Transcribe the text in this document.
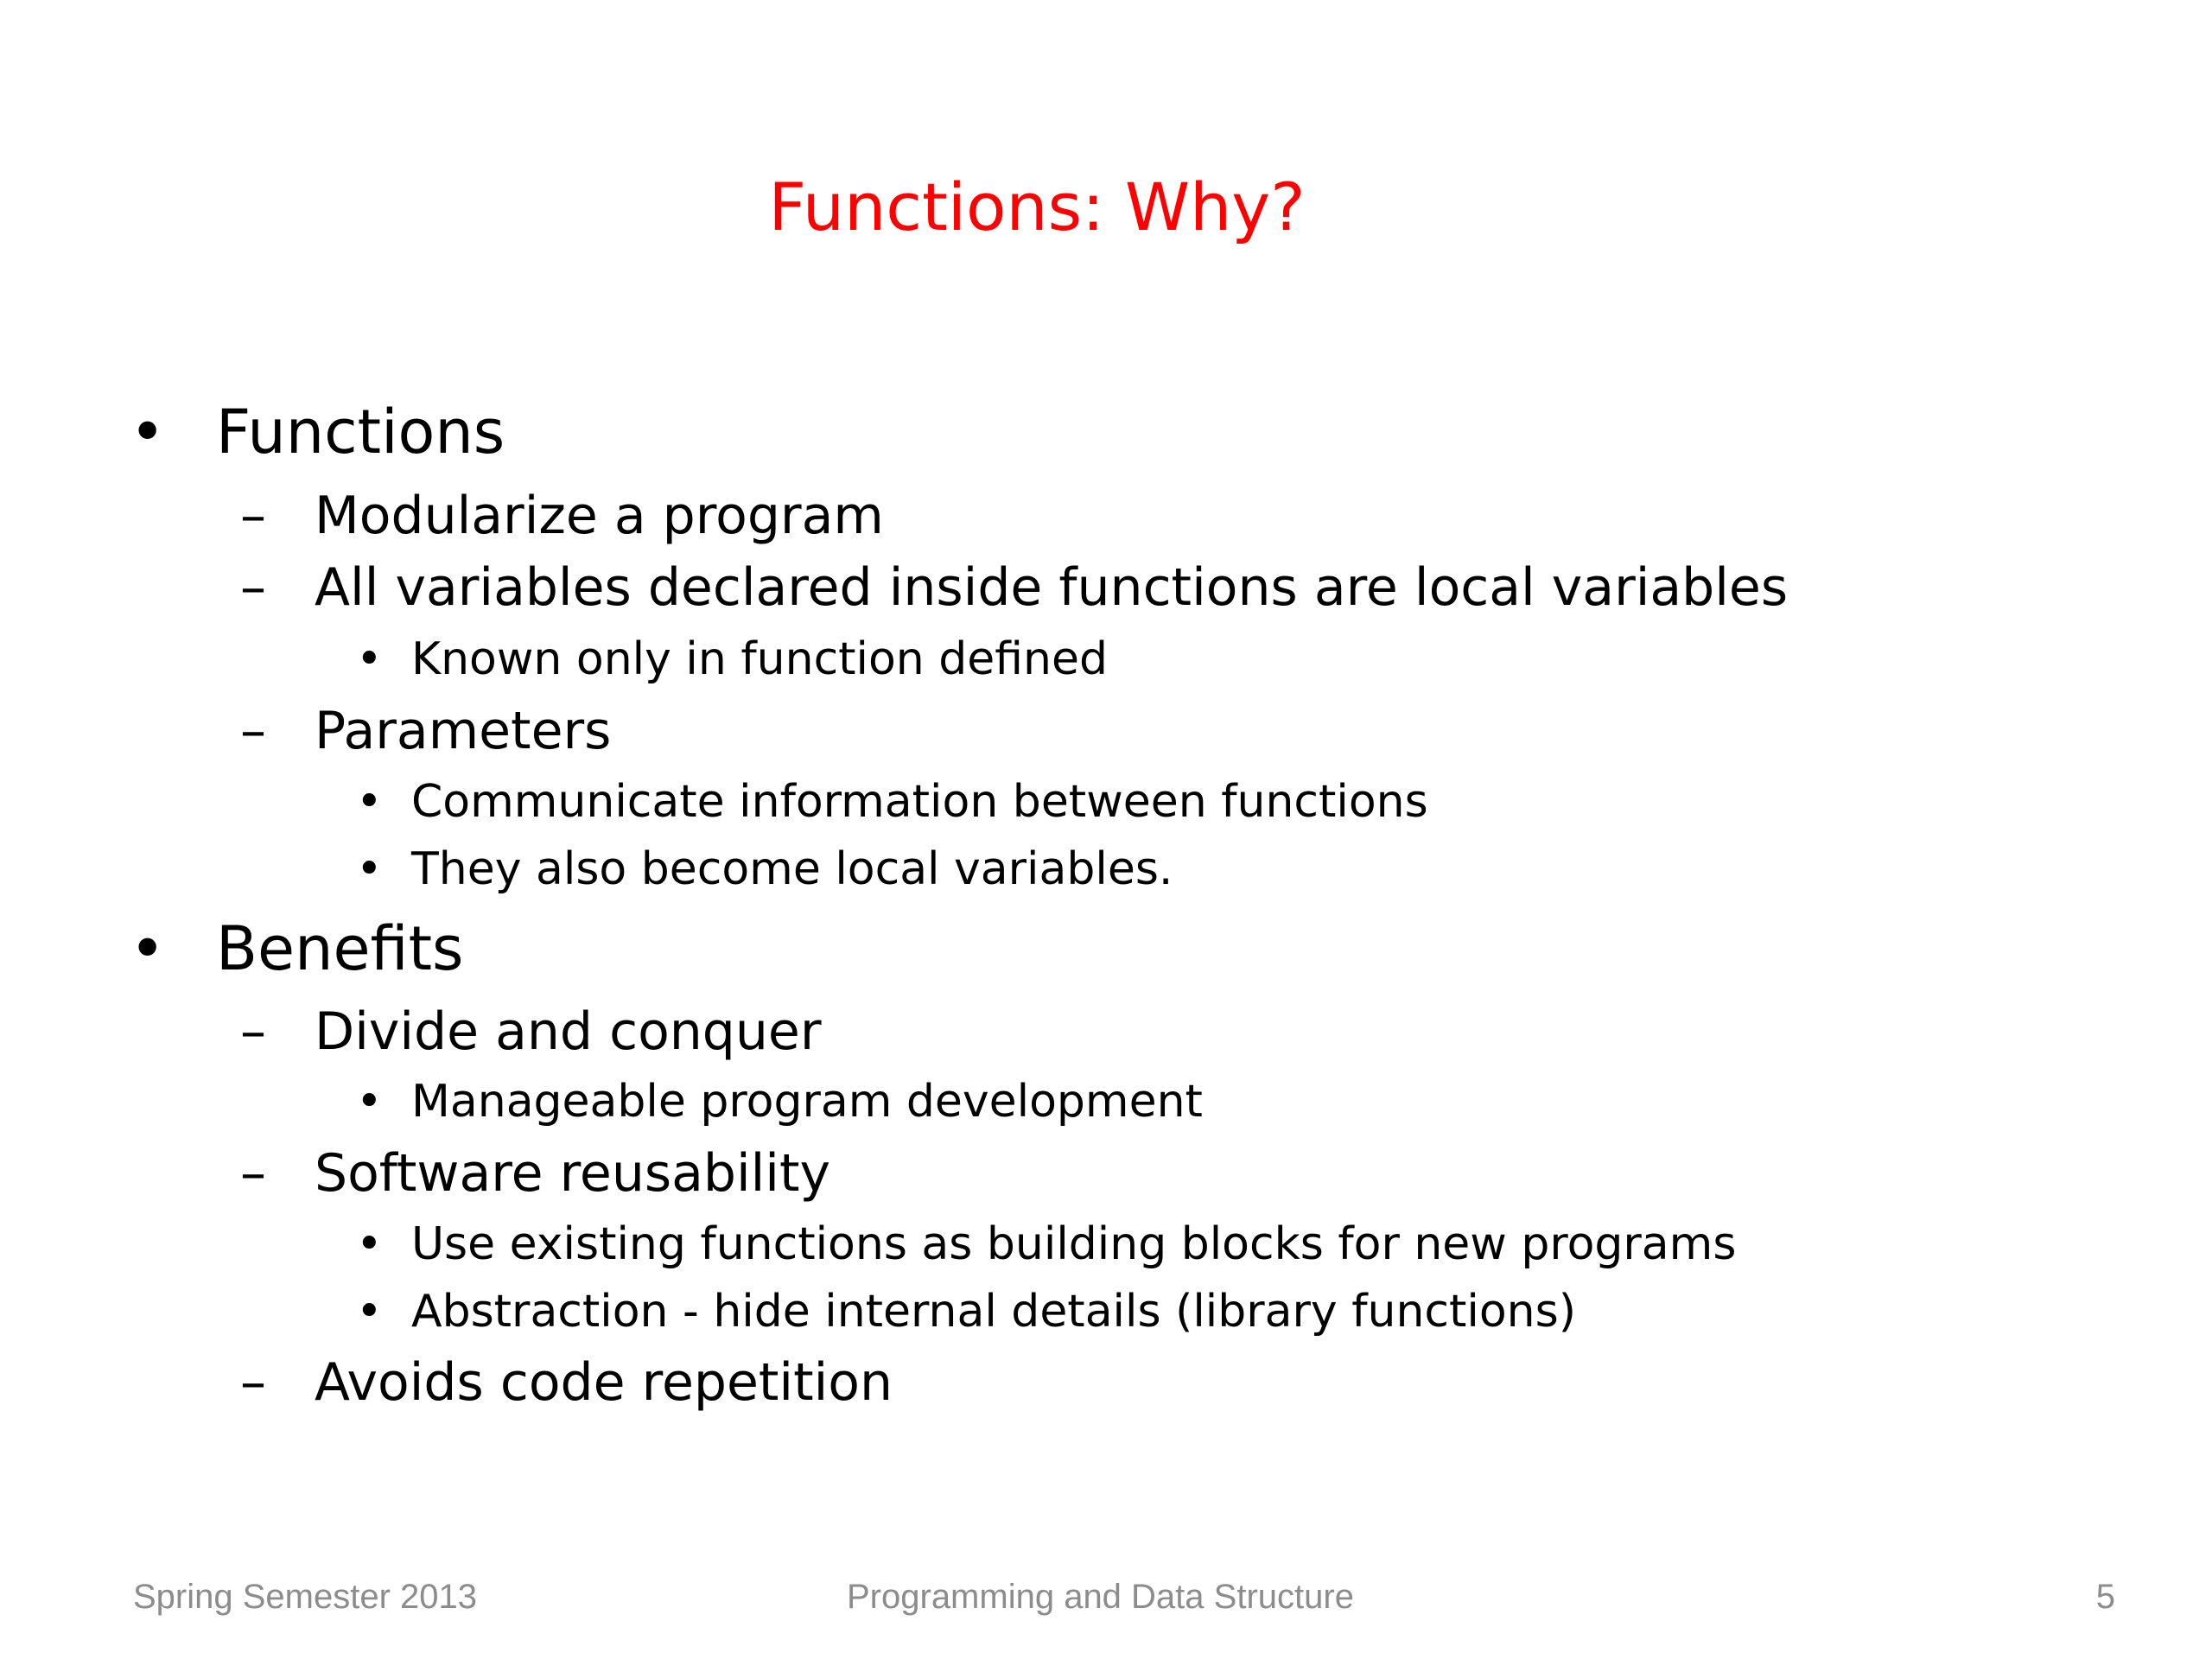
Functions: Why?
• Functions
– Modularize a program
– All variables declared inside functions are local variables
• Known only in function defined
– Parameters
• Communicate information between functions
• They also become local variables.
• Benefits
– Divide and conquer
• Manageable program development
– Software reusability
• Use existing functions as building blocks for new programs
• Abstraction - hide internal details (library functions)
– Avoids code repetition
Spring Semester 2013	Programming and Data Structure	5
